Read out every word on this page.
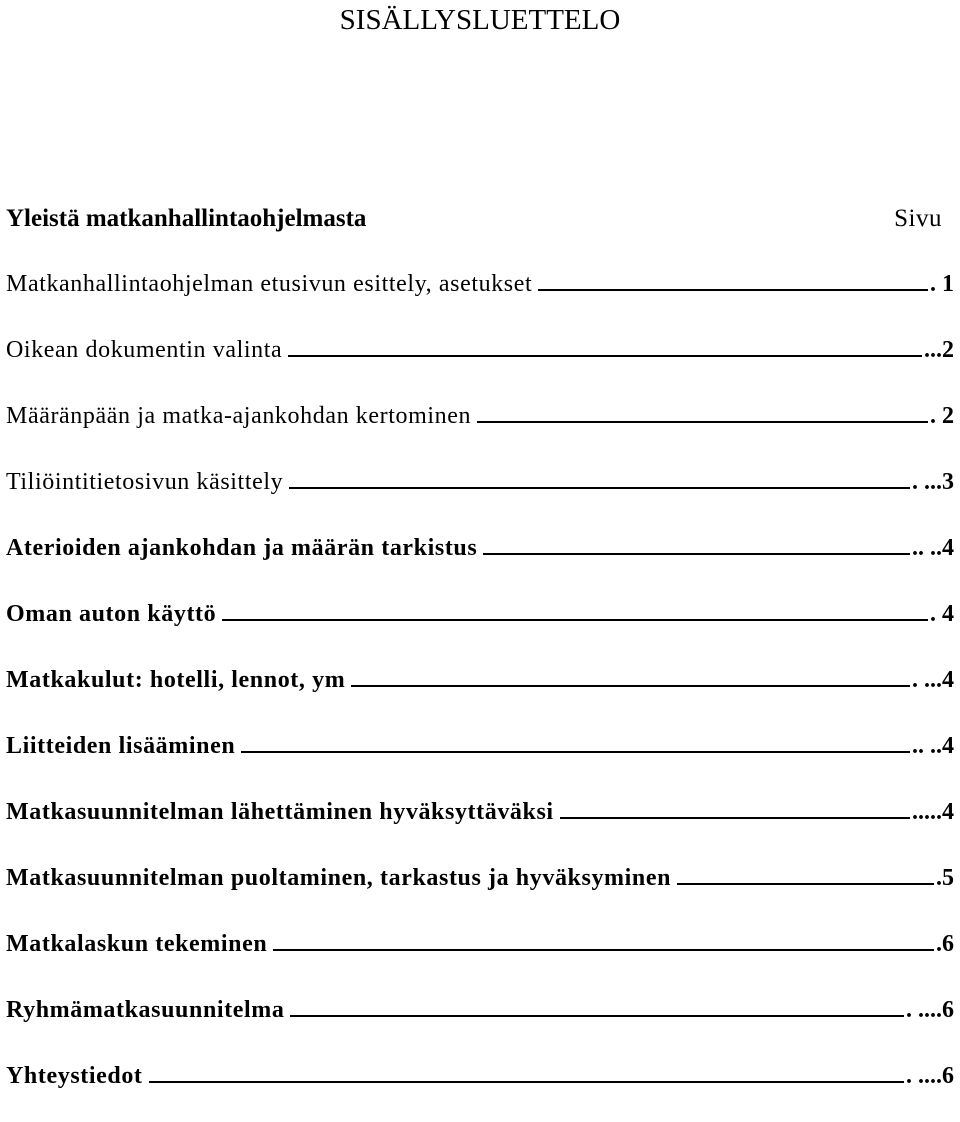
SISÄLLYSLUETTELO
Yleistä matkanhallintaohjelmasta	Sivu
Matkanhallintaohjelman etusivun esittely, asetukset	. 1
Oikean dokumentin valinta	...2
Määränpään ja matka-ajankohdan kertominen	. 2
Tiliöintitietosivun käsittely	. ...3
Aterioiden ajankohdan ja määrän tarkistus	.. ..4
Oman auton käyttö	. 4
Matkakulut: hotelli, lennot, ym	. ...4
Liitteiden lisääminen	.. ..4
Matkasuunnitelman lähettäminen hyväksyttäväksi	.....4
Matkasuunnitelman puoltaminen, tarkastus ja hyväksyminen	.5
Matkalaskun tekeminen	.6
Ryhmämatkasuunnitelma	. ....6
Yhteystiedot	. ....6
